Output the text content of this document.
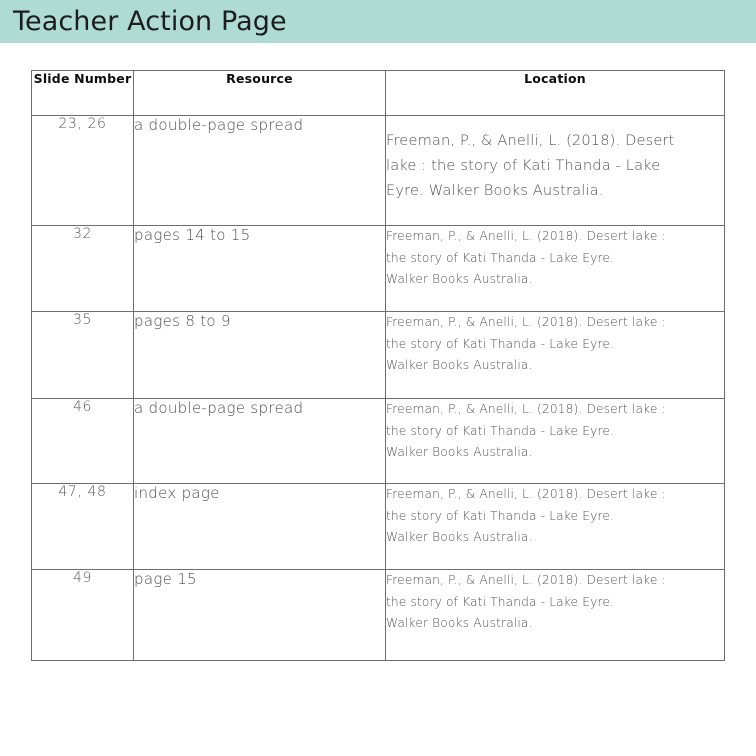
Teacher Action Page
Slide Number	Resource	Location
23, 26	a double-page spread	Freeman, P., & Anelli, L. (2018). Desert
lake : the story of Kati Thanda - Lake
Eyre. Walker Books Australia.

32	pages 14 to 15	Freeman, P., & Anelli, L. (2018). Desert lake :
the story of Kati Thanda - Lake Eyre.
Walker Books Australia.

35	pages 8 to 9	Freeman, P., & Anelli, L. (2018). Desert lake :
the story of Kati Thanda - Lake Eyre.
Walker Books Australia.

46	a double-page spread	Freeman, P., & Anelli, L. (2018). Desert lake :
the story of Kati Thanda - Lake Eyre.
Walker Books Australia.

47, 48	index page	Freeman, P., & Anelli, L. (2018). Desert lake :
the story of Kati Thanda - Lake Eyre.
Walker Books Australia.

49	page 15	Freeman, P., & Anelli, L. (2018). Desert lake :
the story of Kati Thanda - Lake Eyre.
Walker Books Australia.
